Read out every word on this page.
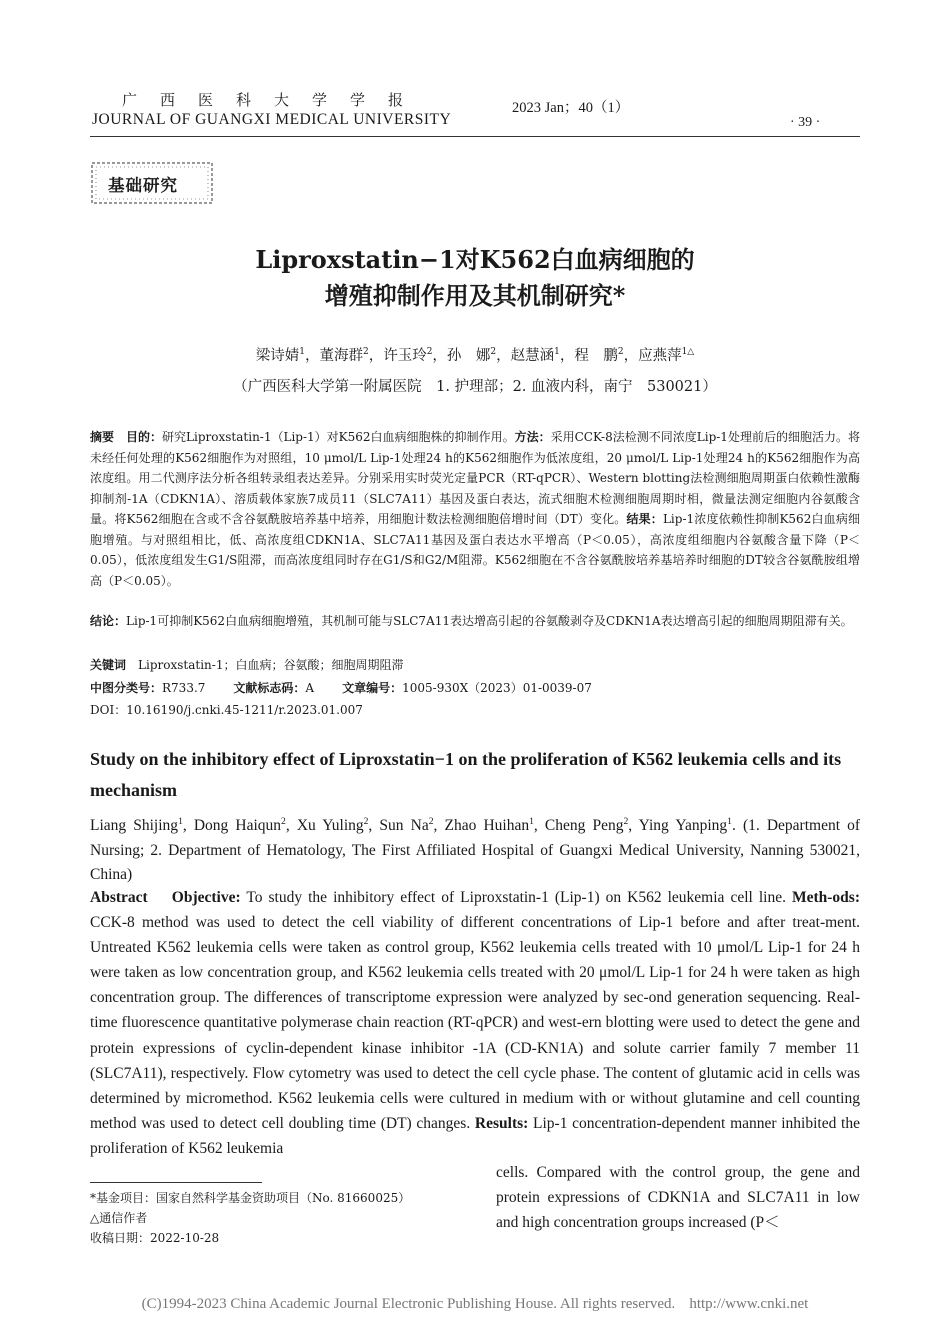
广西医科大学学报
JOURNAL OF GUANGXI MEDICAL UNIVERSITY
2023 Jan；40（1）
· 39 ·
基础研究
Liproxstatin−1对K562白血病细胞的
增殖抑制作用及其机制研究*
梁诗婧$^1$，董海群$^2$，许玉玲$^2$，孙　娜$^2$，赵慧涵$^1$，程　鹏$^2$，应燕萍$^{1\triangle}$
（广西医科大学第一附属医院　1. 护理部；2. 血液内科，南宁　530021）
摘要　 目的：研究Liproxstatin-1（Lip-1）对K562白血病细胞株的抑制作用。方法：采用CCK-8法检测不同浓度Lip-1处理前后的细胞活力。将未经任何处理的K562细胞作为对照组，10 μmol/L Lip-1处理24 h的K562细胞作为低浓度组，20 μmol/L Lip-1处理24 h的K562细胞作为高浓度组。用二代测序法分析各组转录组表达差异。分别采用实时荧光定量PCR（RT-qPCR）、Western blotting法检测细胞周期蛋白依赖性激酶抑制剂-1A（CDKN1A）、溶质载体家族7成员11（SLC7A11）基因及蛋白表达，流式细胞术检测细胞周期时相，微量法测定细胞内谷氨酸含量。将K562细胞在含或不含谷氨酰胺培养基中培养，用细胞计数法检测细胞倍增时间（DT）变化。结果：Lip-1浓度依赖性抑制K562白血病细胞增殖。与对照组相比，低、高浓度组CDKN1A、SLC7A11基因及蛋白表达水平增高（P＜0.05），高浓度组细胞内谷氨酸含量下降（P＜0.05），低浓度组发生G1/S阻滞，而高浓度组同时存在G1/S和G2/M阻滞。K562细胞在不含谷氨酰胺培养基培养时细胞的DT较含谷氨酰胺组增高（P＜0.05）。
结论：Lip-1可抑制K562白血病细胞增殖，其机制可能与SLC7A11表达增高引起的谷氨酸剥夺及CDKN1A表达增高引起的细胞周期阻滞有关。
关键词　 Liproxstatin-1；白血病；谷氨酸；细胞周期阻滞
中图分类号：R733.7 文献标志码：A 文章编号：1005-930X（2023）01-0039-07
DOI：10.16190/j.cnki.45-1211/r.2023.01.007
Study on the inhibitory effect of Liproxstatin−1 on the proliferation of K562 leukemia cells and its mechanism
Liang Shijing$^1$, Dong Haiqun$^2$, Xu Yuling$^2$, Sun Na$^2$, Zhao Huihan$^1$, Cheng Peng$^2$, Ying Yanping$^1$. (1. Department of Nursing; 2. Department of Hematology, The First Affiliated Hospital of Guangxi Medical University, Nanning 530021, China)
Abstract Objective: To study the inhibitory effect of Liproxstatin-1 (Lip-1) on K562 leukemia cell line. Meth-ods: CCK-8 method was used to detect the cell viability of different concentrations of Lip-1 before and after treat-ment. Untreated K562 leukemia cells were taken as control group, K562 leukemia cells treated with 10 μmol/L Lip-1 for 24 h were taken as low concentration group, and K562 leukemia cells treated with 20 μmol/L Lip-1 for 24 h were taken as high concentration group. The differences of transcriptome expression were analyzed by sec-ond generation sequencing. Real-time fluorescence quantitative polymerase chain reaction (RT-qPCR) and west-ern blotting were used to detect the gene and protein expressions of cyclin-dependent kinase inhibitor -1A (CD-KN1A) and solute carrier family 7 member 11 (SLC7A11), respectively. Flow cytometry was used to detect the cell cycle phase. The content of glutamic acid in cells was determined by micromethod. K562 leukemia cells were cultured in medium with or without glutamine and cell counting method was used to detect cell doubling time (DT) changes. Results: Lip-1 concentration-dependent manner inhibited the proliferation of K562 leukemia
cells. Compared with the control group, the gene and protein expressions of CDKN1A and SLC7A11 in low and high concentration groups increased (P＜
*基金项目：国家自然科学基金资助项目（No. 81660025）
△通信作者
收稿日期：2022-10-28
(C)1994-2023 China Academic Journal Electronic Publishing House. All rights reserved. http://www.cnki.net
